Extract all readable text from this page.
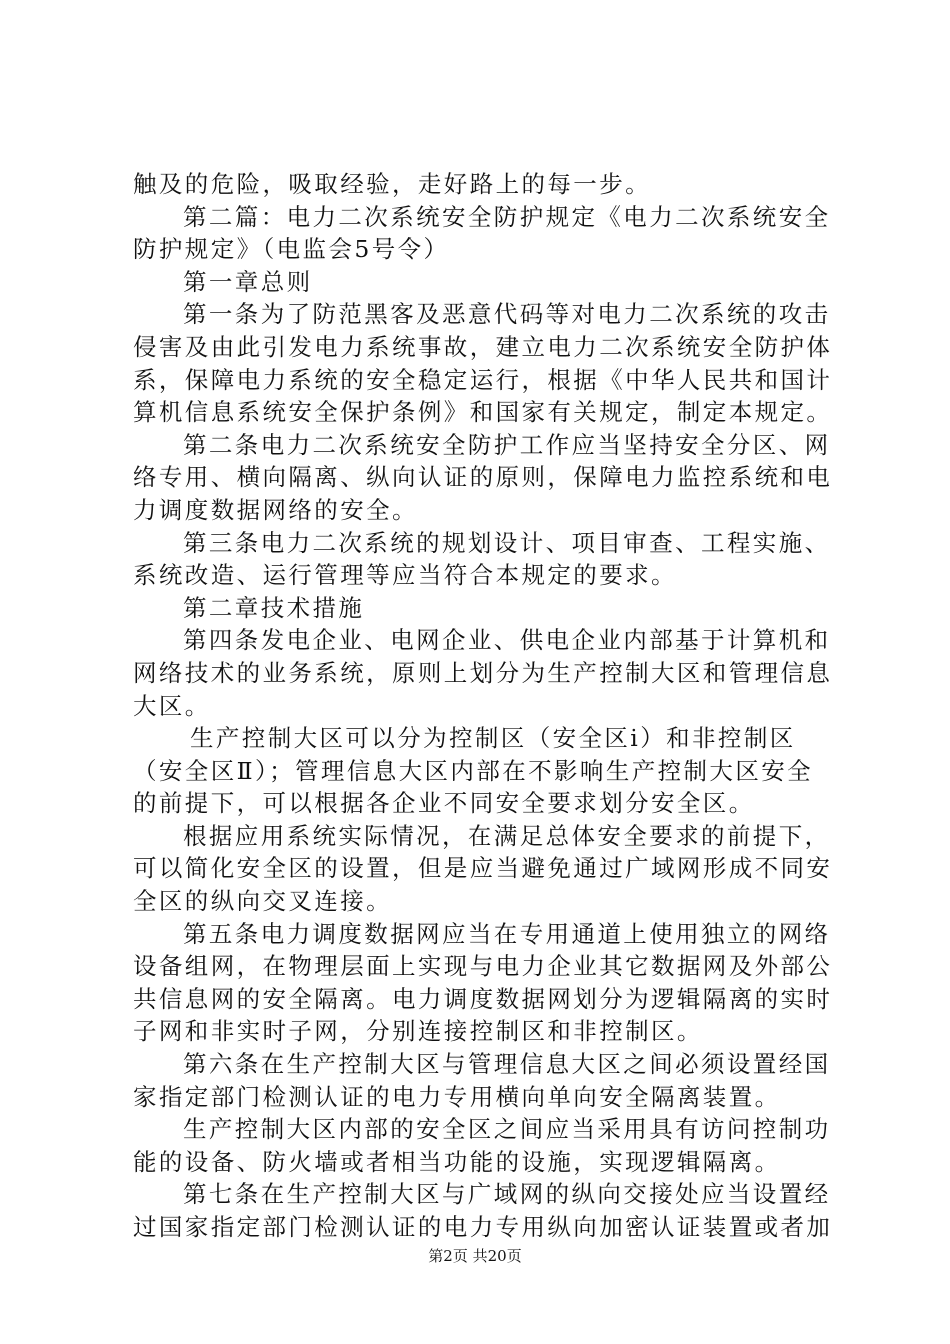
触及的危险，吸取经验，走好路上的每一步。
第二篇：电力二次系统安全防护规定《电力二次系统安全
防护规定》（电监会5号令）
第一章总则
第一条为了防范黑客及恶意代码等对电力二次系统的攻击
侵害及由此引发电力系统事故，建立电力二次系统安全防护体
系，保障电力系统的安全稳定运行，根据《中华人民共和国计
算机信息系统安全保护条例》和国家有关规定，制定本规定。
第二条电力二次系统安全防护工作应当坚持安全分区、网
络专用、横向隔离、纵向认证的原则，保障电力监控系统和电
力调度数据网络的安全。
第三条电力二次系统的规划设计、项目审查、工程实施、
系统改造、运行管理等应当符合本规定的要求。
第二章技术措施
第四条发电企业、电网企业、供电企业内部基于计算机和
网络技术的业务系统，原则上划分为生产控制大区和管理信息
大区。
生产控制大区可以分为控制区（安全区ⅰ）和非控制区
（安全区Ⅱ）；管理信息大区内部在不影响生产控制大区安全
的前提下，可以根据各企业不同安全要求划分安全区。
根据应用系统实际情况，在满足总体安全要求的前提下，
可以简化安全区的设置，但是应当避免通过广域网形成不同安
全区的纵向交叉连接。
第五条电力调度数据网应当在专用通道上使用独立的网络
设备组网，在物理层面上实现与电力企业其它数据网及外部公
共信息网的安全隔离。电力调度数据网划分为逻辑隔离的实时
子网和非实时子网，分别连接控制区和非控制区。
第六条在生产控制大区与管理信息大区之间必须设置经国
家指定部门检测认证的电力专用横向单向安全隔离装置。
生产控制大区内部的安全区之间应当采用具有访问控制功
能的设备、防火墙或者相当功能的设施，实现逻辑隔离。
第七条在生产控制大区与广域网的纵向交接处应当设置经
过国家指定部门检测认证的电力专用纵向加密认证装置或者加
第2页 共20页
